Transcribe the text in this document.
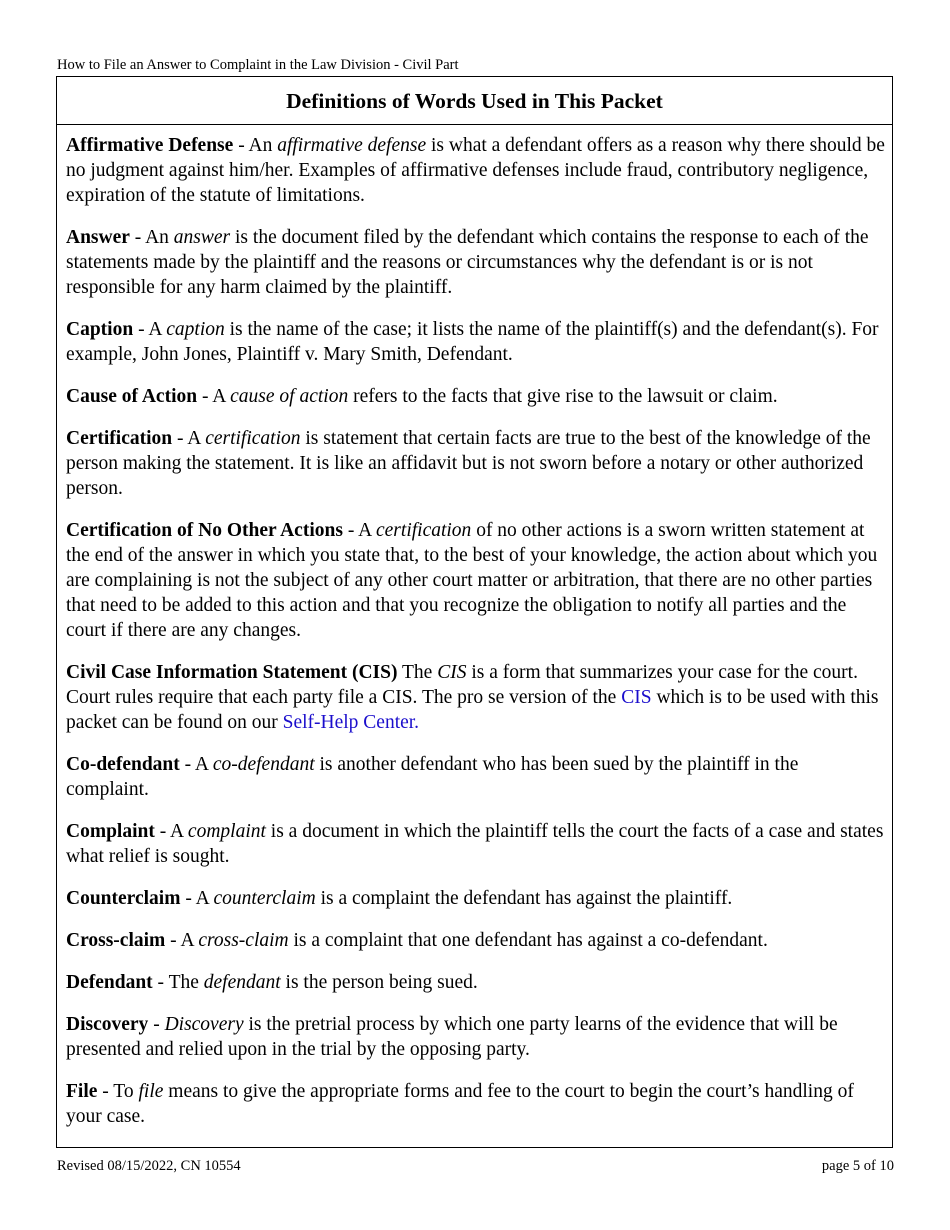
How to File an Answer to Complaint in the Law Division - Civil Part
Definitions of Words Used in This Packet

Affirmative Defense - An affirmative defense is what a defendant offers as a reason why there should be no judgment against him/her. Examples of affirmative defenses include fraud, contributory negligence, expiration of the statute of limitations.

Answer - An answer is the document filed by the defendant which contains the response to each of the statements made by the plaintiff and the reasons or circumstances why the defendant is or is not responsible for any harm claimed by the plaintiff.

Caption - A caption is the name of the case; it lists the name of the plaintiff(s) and the defendant(s). For example, John Jones, Plaintiff v. Mary Smith, Defendant.

Cause of Action - A cause of action refers to the facts that give rise to the lawsuit or claim.

Certification - A certification is statement that certain facts are true to the best of the knowledge of the person making the statement. It is like an affidavit but is not sworn before a notary or other authorized person.

Certification of No Other Actions - A certification of no other actions is a sworn written statement at the end of the answer in which you state that, to the best of your knowledge, the action about which you are complaining is not the subject of any other court matter or arbitration, that there are no other parties that need to be added to this action and that you recognize the obligation to notify all parties and the court if there are any changes.

Civil Case Information Statement (CIS) The CIS is a form that summarizes your case for the court. Court rules require that each party file a CIS. The pro se version of the CIS which is to be used with this packet can be found on our Self-Help Center.

Co-defendant - A co-defendant is another defendant who has been sued by the plaintiff in the complaint.

Complaint - A complaint is a document in which the plaintiff tells the court the facts of a case and states what relief is sought.

Counterclaim - A counterclaim is a complaint the defendant has against the plaintiff.

Cross-claim - A cross-claim is a complaint that one defendant has against a co-defendant.

Defendant - The defendant is the person being sued.

Discovery - Discovery is the pretrial process by which one party learns of the evidence that will be presented and relied upon in the trial by the opposing party.

File - To file means to give the appropriate forms and fee to the court to begin the court’s handling of your case.

Revised 08/15/2022, CN 10554	page 5 of 10
